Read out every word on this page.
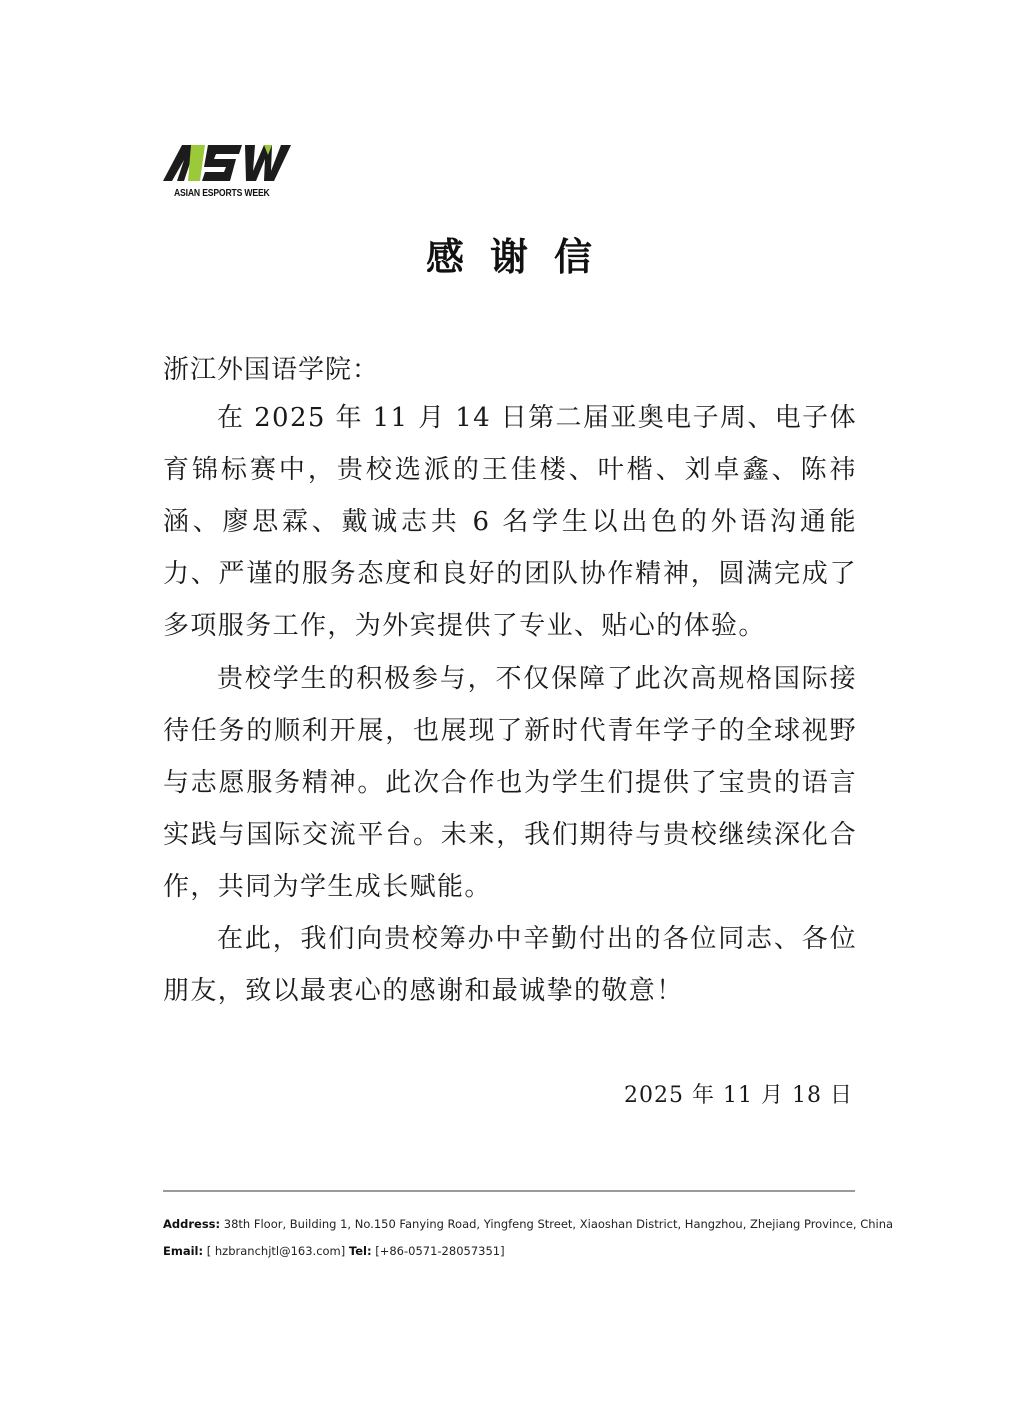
ASIAN ESPORTS WEEK
感谢信
浙江外国语学院：

在 2025 年 11 月 14 日第二届亚奥电子周、电子体育锦标赛中，贵校选派的王佳楼、叶楷、刘卓鑫、陈祎涵、廖思霖、戴诚志共 6 名学生以出色的外语沟通能力、严谨的服务态度和良好的团队协作精神，圆满完成了多项服务工作，为外宾提供了专业、贴心的体验。

贵校学生的积极参与，不仅保障了此次高规格国际接待任务的顺利开展，也展现了新时代青年学子的全球视野与志愿服务精神。此次合作也为学生们提供了宝贵的语言实践与国际交流平台。未来，我们期待与贵校继续深化合作，共同为学生成长赋能。

在此，我们向贵校筹办中辛勤付出的各位同志、各位朋友，致以最衷心的感谢和最诚挚的敬意！

2025 年 11 月 18 日
Address: 38th Floor, Building 1, No.150 Fanying Road, Yingfeng Street, Xiaoshan District, Hangzhou, Zhejiang Province, China
Email: [ hzbranchjtl@163.com] Tel: [+86-0571-28057351]
